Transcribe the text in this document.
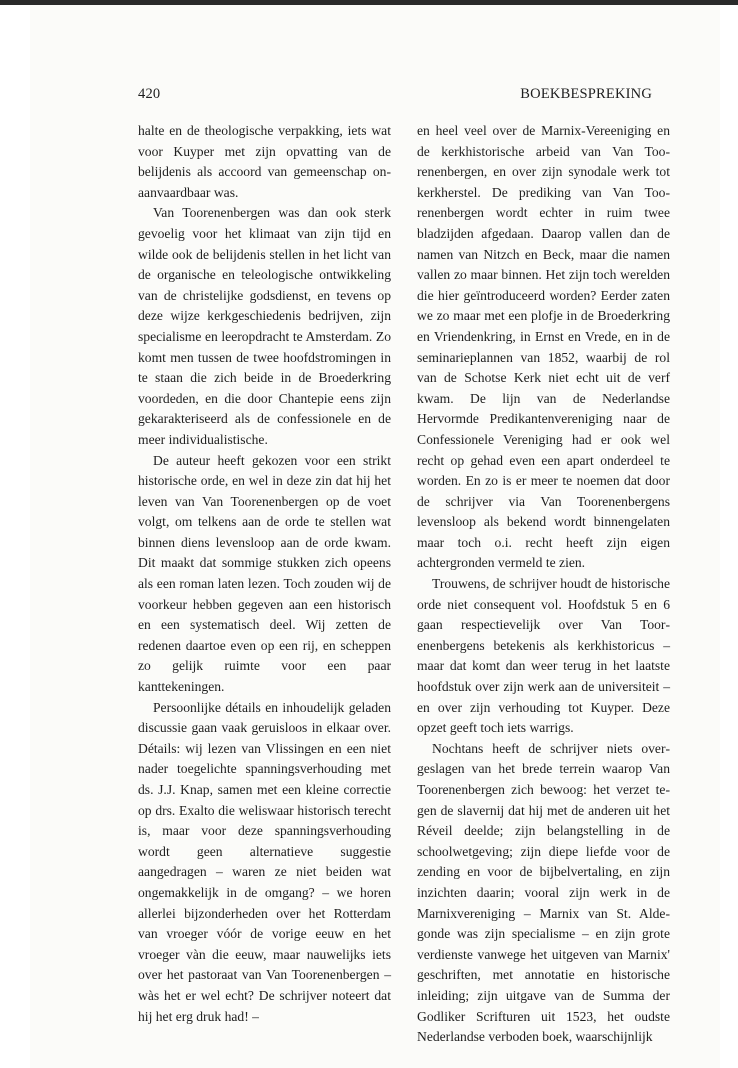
420	BOEKBESPREKING

halte en de theologische verpakking, iets wat voor Kuyper met zijn opvatting van de belijdenis als accoord van gemeenschap onaanvaardbaar was.

Van Toorenenbergen was dan ook sterk gevoelig voor het klimaat van zijn tijd en wilde ook de belijdenis stellen in het licht van de organische en teleologische ontwikkeling van de christelijke godsdienst, en tevens op deze wijze kerkgeschiedenis bedrijven, zijn specialisme en leeropdracht te Amsterdam. Zo komt men tussen de twee hoofdstromingen in te staan die zich beide in de Broederkring voordeden, en die door Chantepie eens zijn gekarakteriseerd als de confessionele en de meer individualistische.

De auteur heeft gekozen voor een strikt historische orde, en wel in deze zin dat hij het leven van Van Toorenenbergen op de voet volgt, om telkens aan de orde te stellen wat binnen diens levensloop aan de orde kwam. Dit maakt dat sommige stukken zich opeens als een roman laten lezen. Toch zouden wij de voorkeur hebben gegeven aan een historisch en een systematisch deel. Wij zetten de redenen daartoe even op een rij, en scheppen zo gelijk ruimte voor een paar kanttekeningen.

Persoonlijke détails en inhoudelijk geladen discussie gaan vaak geruisloos in elkaar over. Détails: wij lezen van Vlissingen en een niet nader toegelichte spanningsverhouding met ds. J.J. Knap, samen met een kleine correctie op drs. Exalto die weliswaar historisch terecht is, maar voor deze spanningsverhouding wordt geen alternatieve suggestie aangedragen – waren ze niet beiden wat ongemakkelijk in de omgang? – we horen allerlei bijzonderheden over het Rotterdam van vroeger vóór de vorige eeuw en het vroeger vàn die eeuw, maar nauwelijks iets over het pastoraat van Van Toorenenbergen – wàs het er wel echt? De schrijver noteert dat hij het erg druk had! –

en heel veel over de Marnix-Vereeniging en de kerkhistorische arbeid van Van Toorenenbergen, en over zijn synodale werk tot kerkherstel. De prediking van Van Toorenenbergen wordt echter in ruim twee bladzijden afgedaan. Daarop vallen dan de namen van Nitzch en Beck, maar die namen vallen zo maar binnen. Het zijn toch werelden die hier geïntroduceerd worden? Eerder zaten we zo maar met een plofje in de Broederkring en Vriendenkring, in Ernst en Vrede, en in de seminarieplannen van 1852, waarbij de rol van de Schotse Kerk niet echt uit de verf kwam. De lijn van de Nederlandse Hervormde Predikantenvereniging naar de Confessionele Vereniging had er ook wel recht op gehad even een apart onderdeel te worden. En zo is er meer te noemen dat door de schrijver via Van Toorenenbergens levensloop als bekend wordt binnengelaten maar toch o.i. recht heeft zijn eigen achtergronden vermeld te zien.

Trouwens, de schrijver houdt de historische orde niet consequent vol. Hoofdstuk 5 en 6 gaan respectievelijk over Van Toorenenbergens betekenis als kerkhistoricus – maar dat komt dan weer terug in het laatste hoofdstuk over zijn werk aan de universiteit – en over zijn verhouding tot Kuyper. Deze opzet geeft toch iets warrigs.

Nochtans heeft de schrijver niets overgeslagen van het brede terrein waarop Van Toorenenbergen zich bewoog: het verzet tegen de slavernij dat hij met de anderen uit het Réveil deelde; zijn belangstelling in de schoolwetgeving; zijn diepe liefde voor de zending en voor de bijbelvertaling, en zijn inzichten daarin; vooral zijn werk in de Marnixvereniging – Marnix van St. Aldegonde was zijn specialisme – en zijn grote verdienste vanwege het uitgeven van Marnix' geschriften, met annotatie en historische inleiding; zijn uitgave van de Summa der Godliker Scrifturen uit 1523, het oudste Nederlandse verboden boek, waarschijnlijk
